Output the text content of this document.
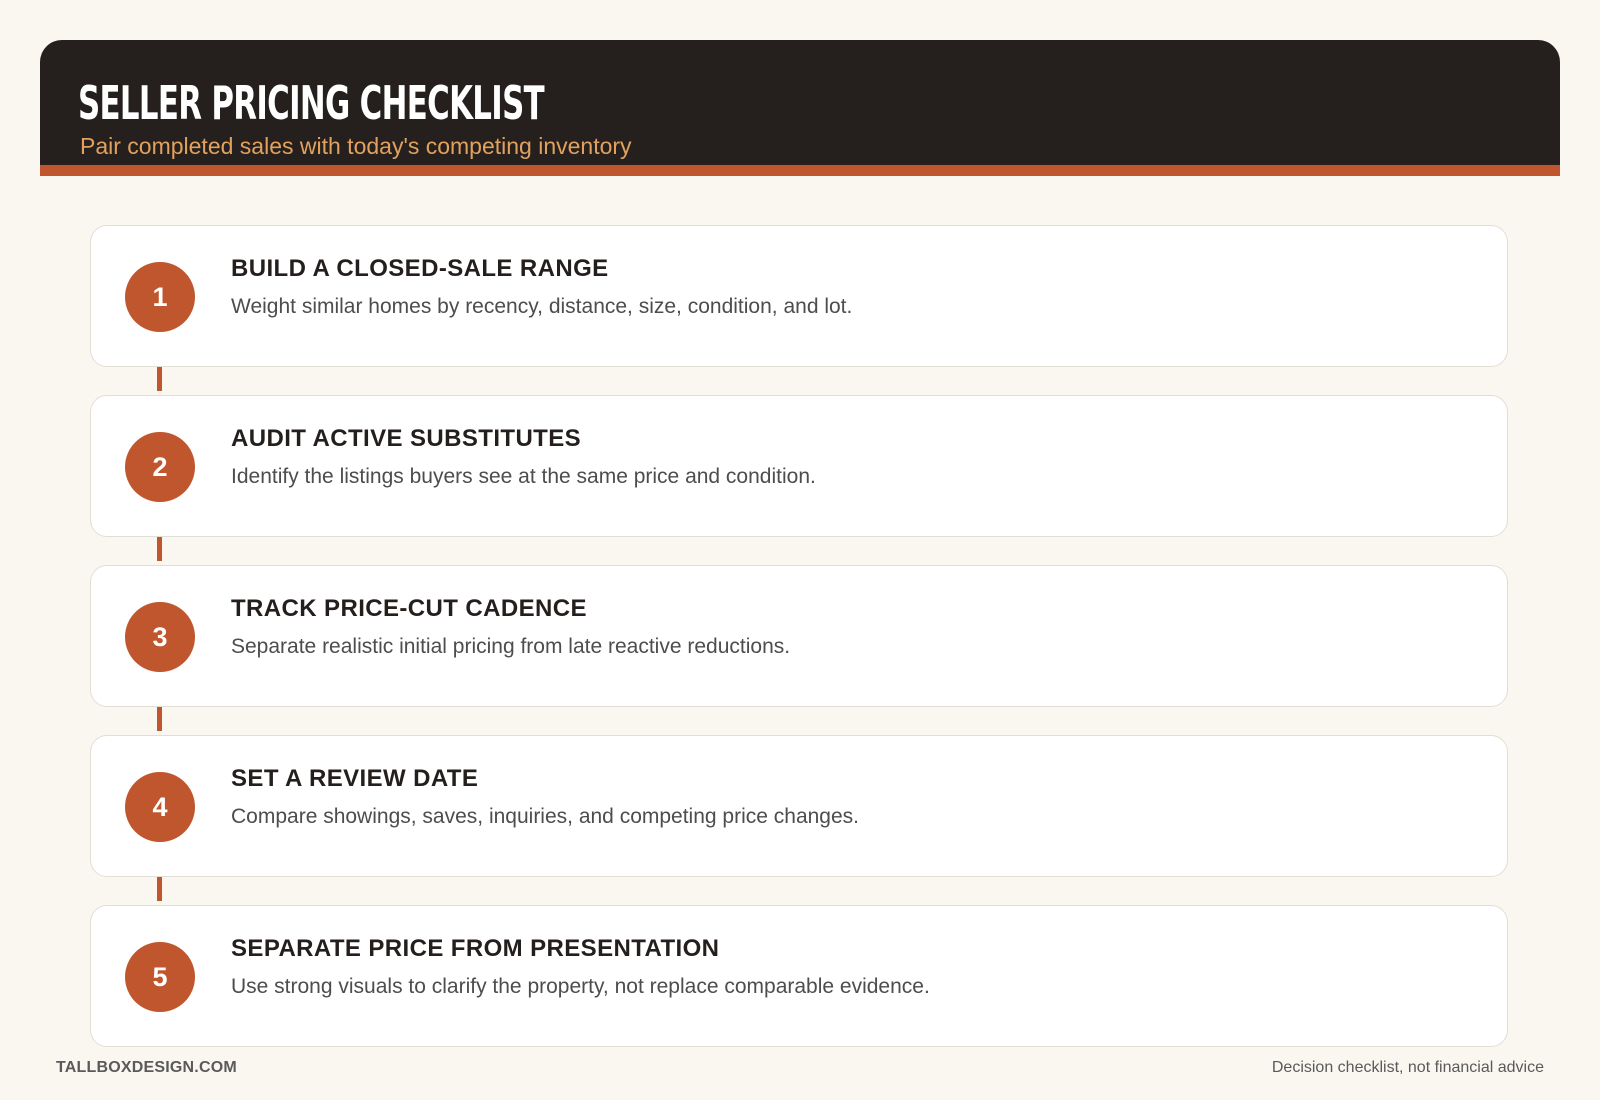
SELLER PRICING CHECKLIST
Pair completed sales with today's competing inventory
1
BUILD A CLOSED-SALE RANGE
Weight similar homes by recency, distance, size, condition, and lot.
2
AUDIT ACTIVE SUBSTITUTES
Identify the listings buyers see at the same price and condition.
3
TRACK PRICE-CUT CADENCE
Separate realistic initial pricing from late reactive reductions.
4
SET A REVIEW DATE
Compare showings, saves, inquiries, and competing price changes.
5
SEPARATE PRICE FROM PRESENTATION
Use strong visuals to clarify the property, not replace comparable evidence.
TALLBOXDESIGN.COM	Decision checklist, not financial advice
